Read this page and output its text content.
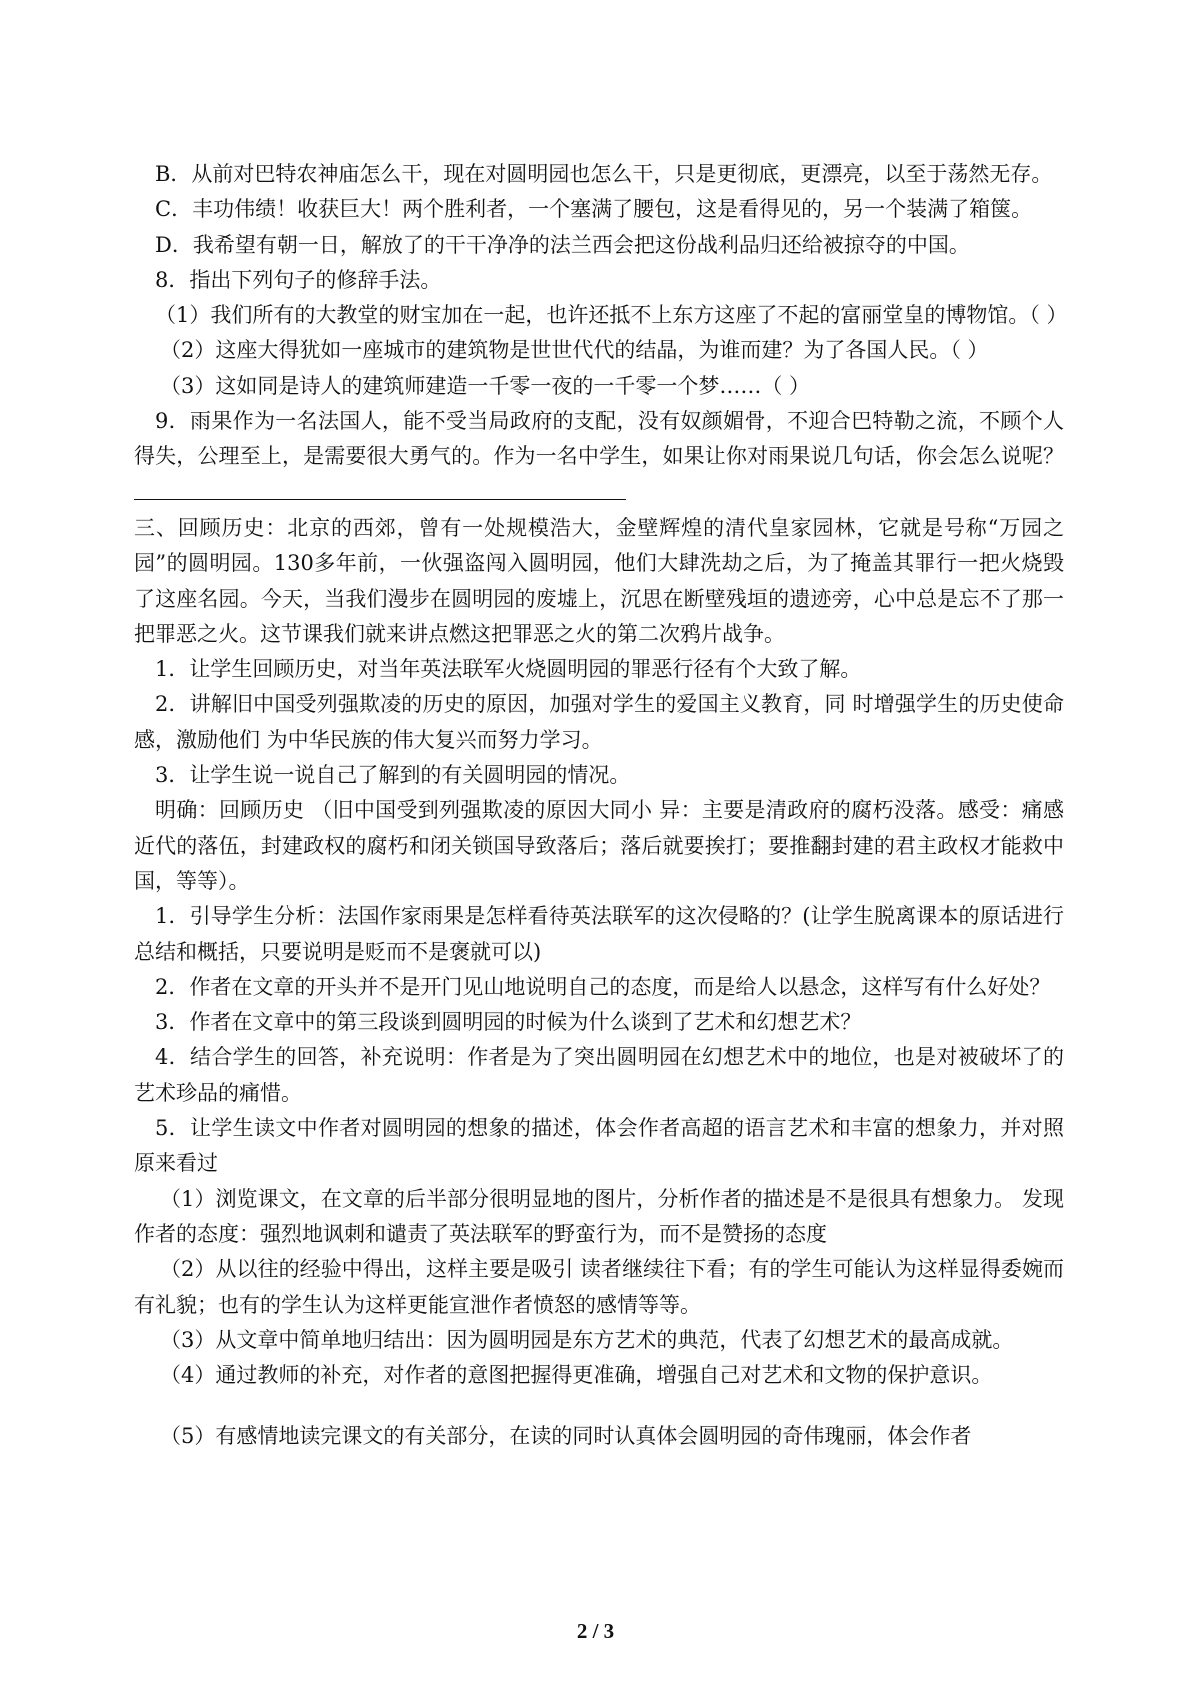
B．从前对巴特农神庙怎么干，现在对圆明园也怎么干，只是更彻底，更漂亮，以至于荡然无存。

C．丰功伟绩！收获巨大！两个胜利者，一个塞满了腰包，这是看得见的，另一个装满了箱箧。

D．我希望有朝一日，解放了的干干净净的法兰西会把这份战利品归还给被掠夺的中国。

8．指出下列句子的修辞手法。

（1）我们所有的大教堂的财宝加在一起，也许还抵不上东方这座了不起的富丽堂皇的博物馆。（ ）

（2）这座大得犹如一座城市的建筑物是世世代代的结晶，为谁而建？为了各国人民。（ ）

（3）这如同是诗人的建筑师建造一千零一夜的一千零一个梦……（ ）

9．雨果作为一名法国人，能不受当局政府的支配，没有奴颜媚骨，不迎合巴特勒之流，不顾个人得失，公理至上，是需要很大勇气的。作为一名中学生，如果让你对雨果说几句话，你会怎么说呢？

三、回顾历史：北京的西郊，曾有一处规模浩大，金壁辉煌的清代皇家园林，它就是号称“万园之园”的圆明园。130多年前，一伙强盗闯入圆明园，他们大肆洗劫之后，为了掩盖其罪行一把火烧毁了这座名园。今天，当我们漫步在圆明园的废墟上，沉思在断壁残垣的遗迹旁，心中总是忘不了那一把罪恶之火。这节课我们就来讲点燃这把罪恶之火的第二次鸦片战争。

1．让学生回顾历史，对当年英法联军火烧圆明园的罪恶行径有个大致了解。

2．讲解旧中国受列强欺凌的历史的原因，加强对学生的爱国主义教育，同 时增强学生的历史使命感，激励他们 为中华民族的伟大复兴而努力学习。

3．让学生说一说自己了解到的有关圆明园的情况。

明确：回顾历史 （旧中国受到列强欺凌的原因大同小 异：主要是清政府的腐朽没落。感受：痛感近代的落伍，封建政权的腐朽和闭关锁国导致落后；落后就要挨打；要推翻封建的君主政权才能救中国，等等）。

1．引导学生分析：法国作家雨果是怎样看待英法联军的这次侵略的？(让学生脱离课本的原话进行总结和概括，只要说明是贬而不是褒就可以)

2．作者在文章的开头并不是开门见山地说明自己的态度，而是给人以悬念，这样写有什么好处？

3．作者在文章中的第三段谈到圆明园的时候为什么谈到了艺术和幻想艺术？

4．结合学生的回答，补充说明：作者是为了突出圆明园在幻想艺术中的地位，也是对被破坏了的艺术珍品的痛惜。

5．让学生读文中作者对圆明园的想象的描述，体会作者高超的语言艺术和丰富的想象力，并对照原来看过

（1）浏览课文，在文章的后半部分很明显地的图片，分析作者的描述是不是很具有想象力。 发现作者的态度：强烈地讽刺和谴责了英法联军的野蛮行为，而不是赞扬的态度

（2）从以往的经验中得出，这样主要是吸引 读者继续往下看；有的学生可能认为这样显得委婉而有礼貌；也有的学生认为这样更能宣泄作者愤怒的感情等等。

（3）从文章中简单地归结出：因为圆明园是东方艺术的典范，代表了幻想艺术的最高成就。

（4）通过教师的补充，对作者的意图把握得更准确，增强自己对艺术和文物的保护意识。

（5）有感情地读完课文的有关部分，在读的同时认真体会圆明园的奇伟瑰丽，体会作者

2 / 3
